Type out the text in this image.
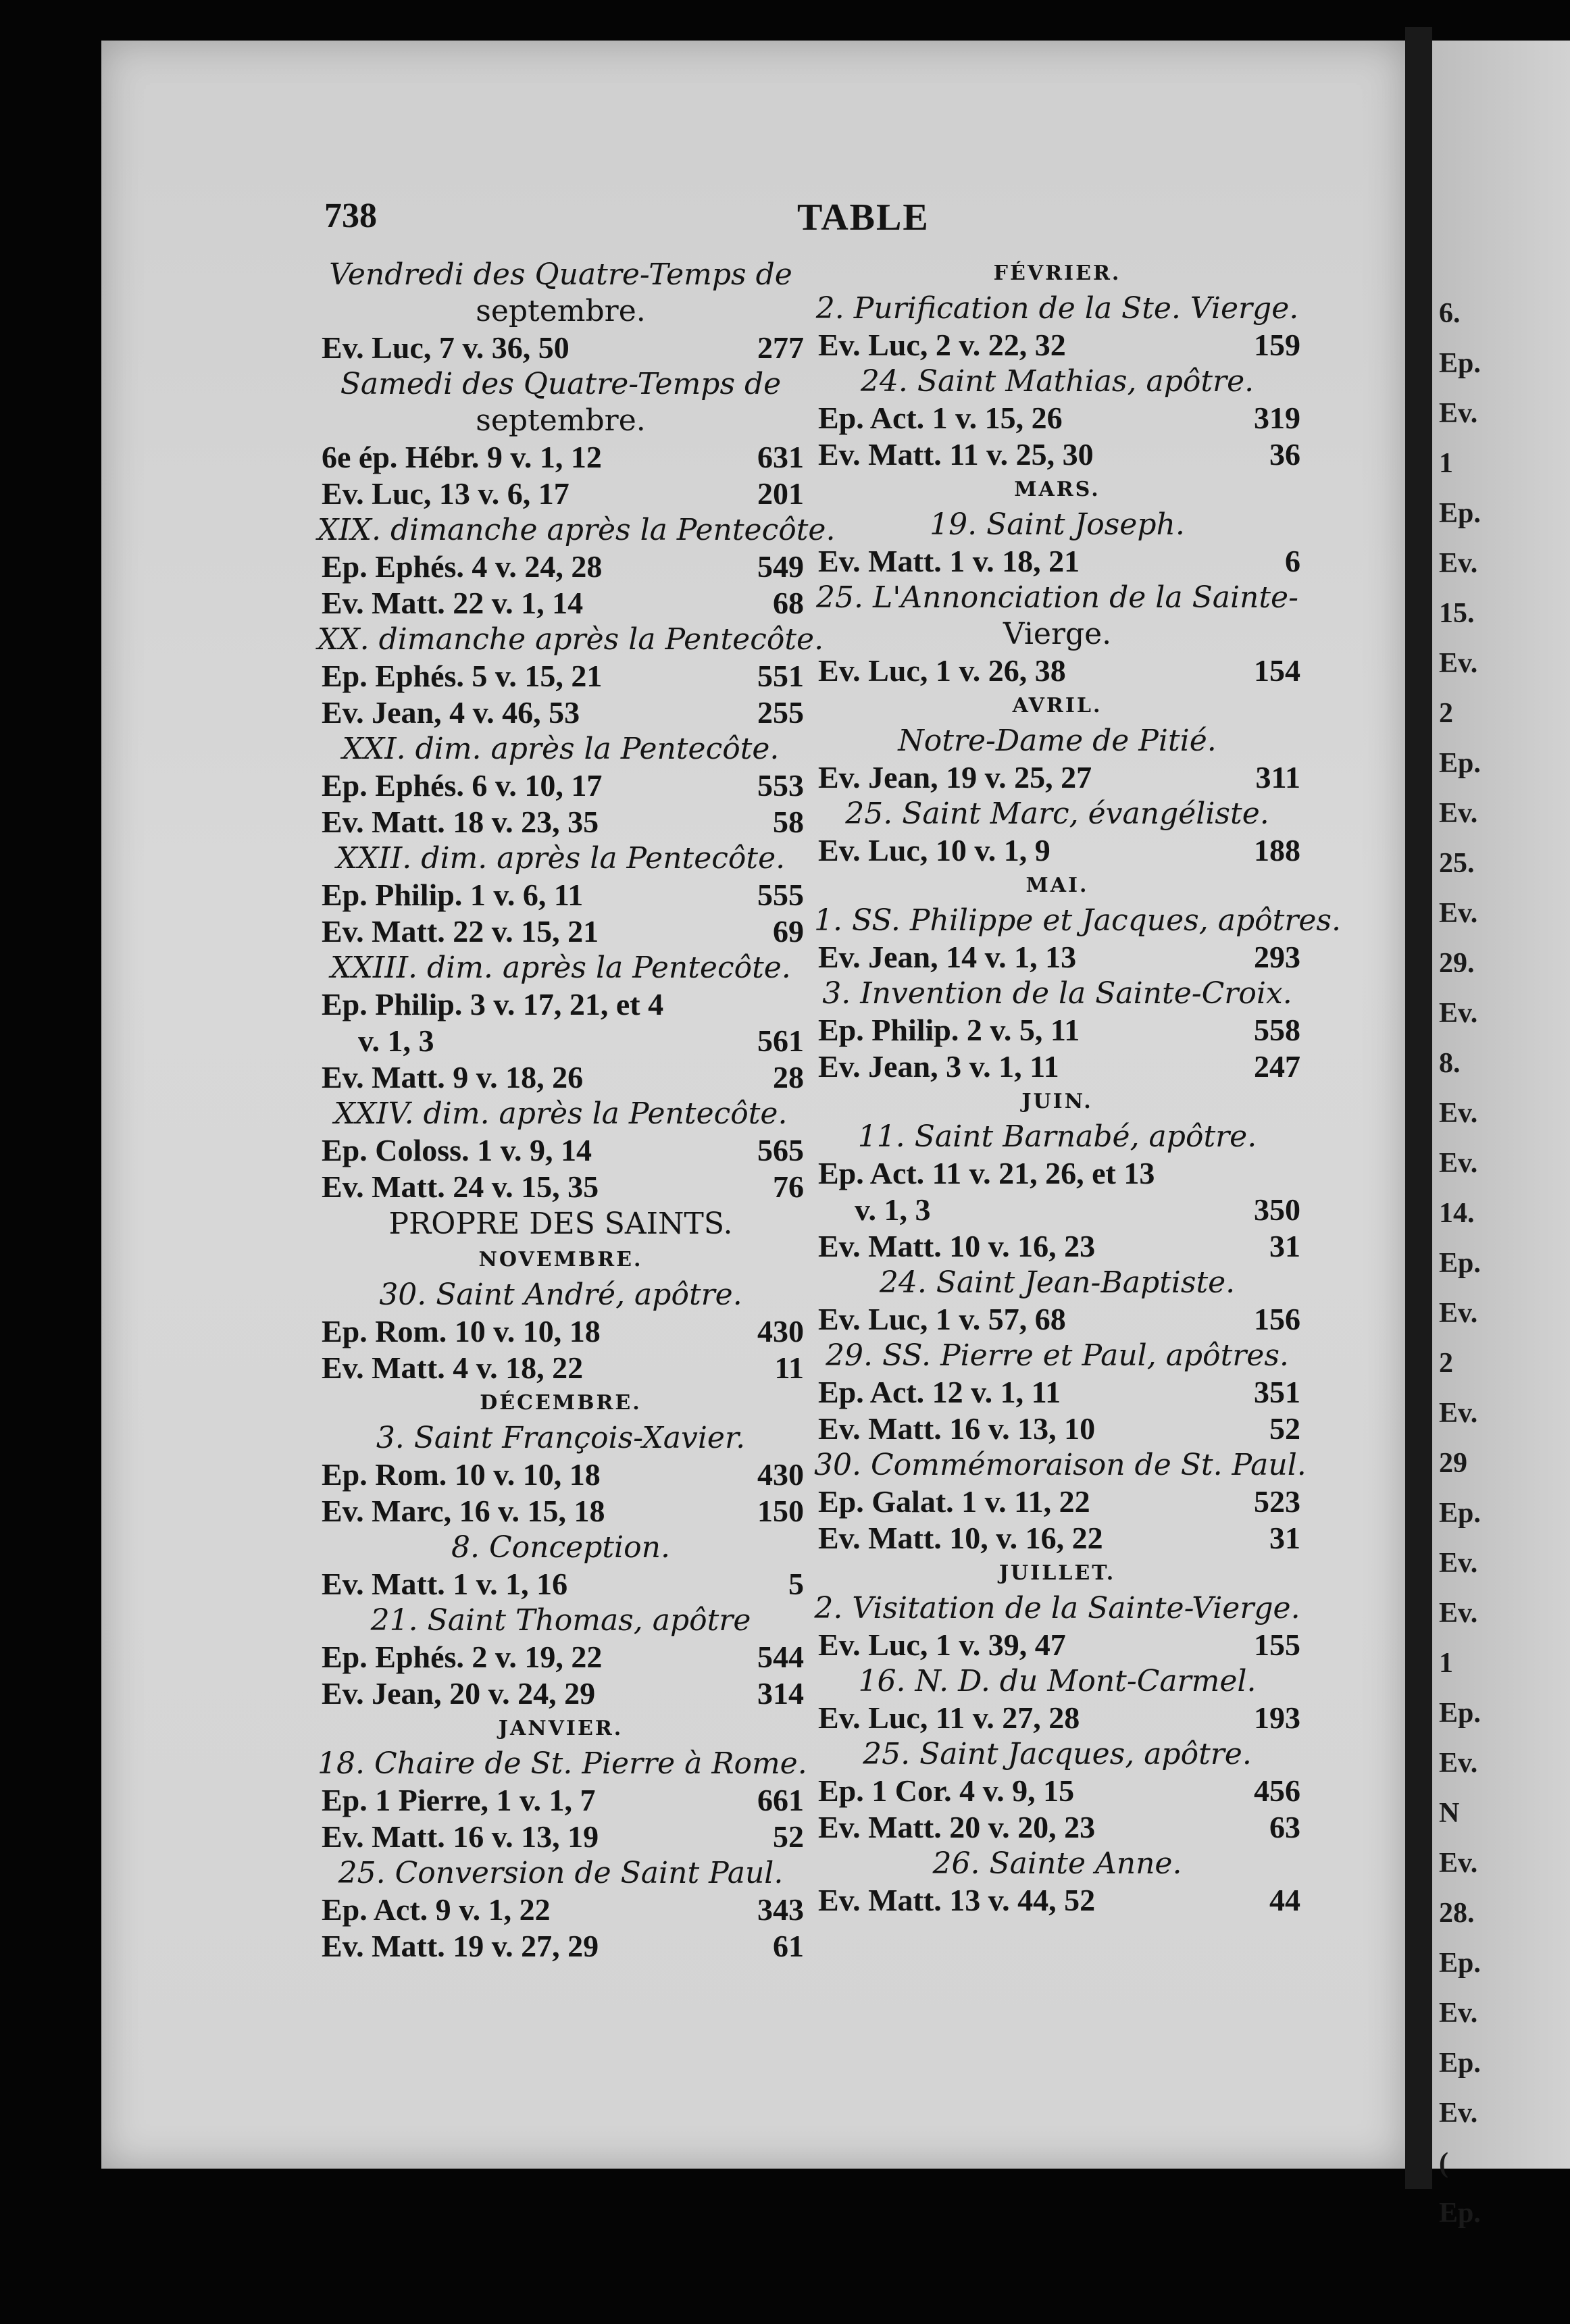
6.
Ep.
Ev.
1
Ep.
Ev.
15.
Ev.
2
Ep.
Ev.
25.
Ev.
29.
Ev.
8.
Ev.
Ev.
14.
Ep.
Ev.
2
Ev.
29
Ep.
Ev.
Ev.
1
Ep.
Ev.
N
Ev.
28.
Ep.
Ev.
Ep.
Ev.
(
Ep.
738	TABLE
Vendredi des Quatre-Temps de
septembre.
Ev. Luc, 7 v. 36, 50	277
Samedi des Quatre-Temps de
septembre.
6e ép. Hébr. 9 v. 1, 12	631
Ev. Luc, 13 v. 6, 17	201
XIX. dimanche après la Pentecôte.
Ep. Ephés. 4 v. 24, 28	549
Ev. Matt. 22 v. 1, 14	68
XX. dimanche après la Pentecôte.
Ep. Ephés. 5 v. 15, 21	551
Ev. Jean, 4 v. 46, 53	255
XXI. dim. après la Pentecôte.
Ep. Ephés. 6 v. 10, 17	553
Ev. Matt. 18 v. 23, 35	58
XXII. dim. après la Pentecôte.
Ep. Philip. 1 v. 6, 11	555
Ev. Matt. 22 v. 15, 21	69
XXIII. dim. après la Pentecôte.
Ep. Philip. 3 v. 17, 21, et 4
v. 1, 3	561
Ev. Matt. 9 v. 18, 26	28
XXIV. dim. après la Pentecôte.
Ep. Coloss. 1 v. 9, 14	565
Ev. Matt. 24 v. 15, 35	76
PROPRE DES SAINTS.
NOVEMBRE.
30. Saint André, apôtre.
Ep. Rom. 10 v. 10, 18	430
Ev. Matt. 4 v. 18, 22	11
DÉCEMBRE.
3. Saint François-Xavier.
Ep. Rom. 10 v. 10, 18	430
Ev. Marc, 16 v. 15, 18	150
8. Conception.
Ev. Matt. 1 v. 1, 16	5
21. Saint Thomas, apôtre
Ep. Ephés. 2 v. 19, 22	544
Ev. Jean, 20 v. 24, 29	314
JANVIER.
18. Chaire de St. Pierre à Rome.
Ep. 1 Pierre, 1 v. 1, 7	661
Ev. Matt. 16 v. 13, 19	52
25. Conversion de Saint Paul.
Ep. Act. 9 v. 1, 22	343
Ev. Matt. 19 v. 27, 29	61
FÉVRIER.
2. Purification de la Ste. Vierge.
Ev. Luc, 2 v. 22, 32	159
24. Saint Mathias, apôtre.
Ep. Act. 1 v. 15, 26	319
Ev. Matt. 11 v. 25, 30	36
MARS.
19. Saint Joseph.
Ev. Matt. 1 v. 18, 21	6
25. L'Annonciation de la Sainte-
Vierge.
Ev. Luc, 1 v. 26, 38	154
AVRIL.
Notre-Dame de Pitié.
Ev. Jean, 19 v. 25, 27	311
25. Saint Marc, évangéliste.
Ev. Luc, 10 v. 1, 9	188
MAI.
1. SS. Philippe et Jacques, apôtres.
Ev. Jean, 14 v. 1, 13	293
3. Invention de la Sainte-Croix.
Ep. Philip. 2 v. 5, 11	558
Ev. Jean, 3 v. 1, 11	247
JUIN.
11. Saint Barnabé, apôtre.
Ep. Act. 11 v. 21, 26, et 13
v. 1, 3	350
Ev. Matt. 10 v. 16, 23	31
24. Saint Jean-Baptiste.
Ev. Luc, 1 v. 57, 68	156
29. SS. Pierre et Paul, apôtres.
Ep. Act. 12 v. 1, 11	351
Ev. Matt. 16 v. 13, 10	52
30. Commémoraison de St. Paul.
Ep. Galat. 1 v. 11, 22	523
Ev. Matt. 10, v. 16, 22	31
JUILLET.
2. Visitation de la Sainte-Vierge.
Ev. Luc, 1 v. 39, 47	155
16. N. D. du Mont-Carmel.
Ev. Luc, 11 v. 27, 28	193
25. Saint Jacques, apôtre.
Ep. 1 Cor. 4 v. 9, 15	456
Ev. Matt. 20 v. 20, 23	63
26. Sainte Anne.
Ev. Matt. 13 v. 44, 52	44
